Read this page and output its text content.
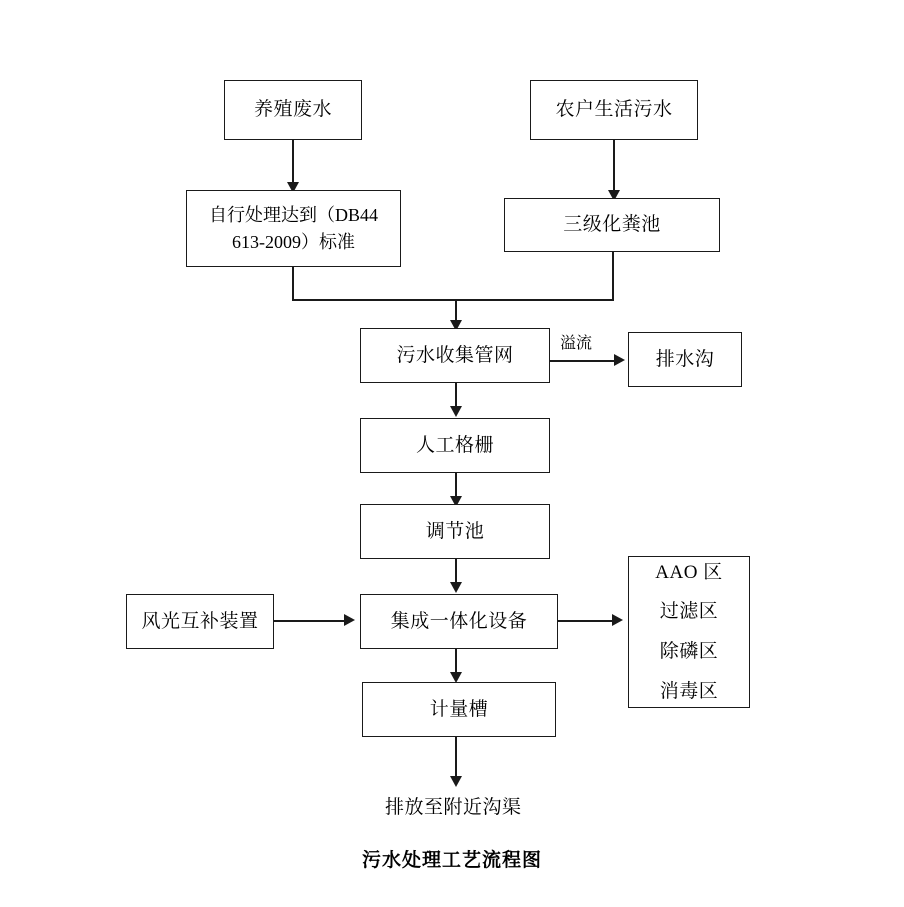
养殖废水	农户生活污水
自行处理达到（DB44
613-2009）标准
三级化粪池
污水收集管网
溢流
排水沟
人工格栅
调节池
集成一体化设备
风光互补装置
AAO 区
过滤区
除磷区
消毒区
计量槽
排放至附近沟渠
污水处理工艺流程图
